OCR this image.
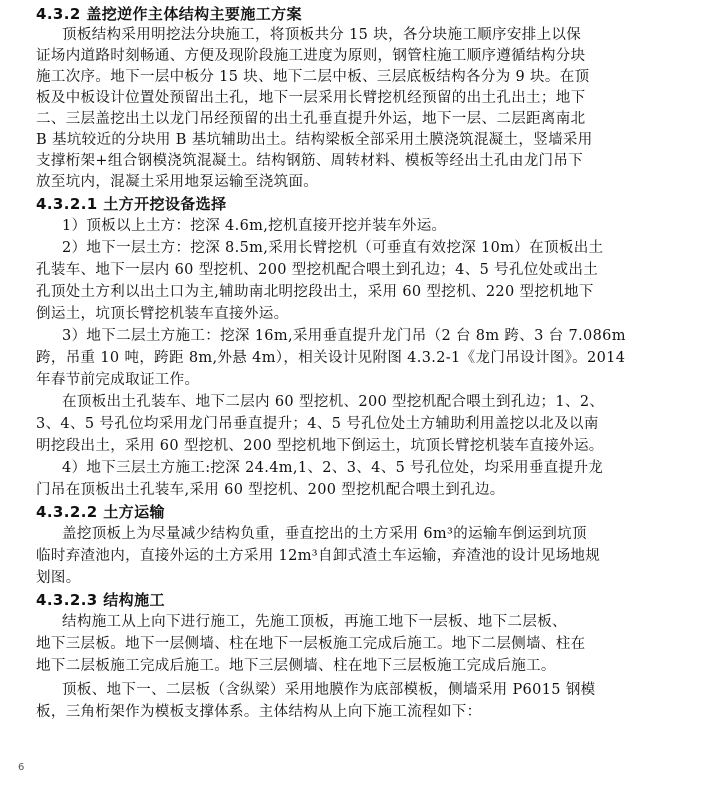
4.3.2 盖挖逆作主体结构主要施工方案
顶板结构采用明挖法分块施工，将顶板共分 15 块，各分块施工顺序安排上以保
证场内道路时刻畅通、方便及现阶段施工进度为原则，钢管柱施工顺序遵循结构分块
施工次序。地下一层中板分 15 块、地下二层中板、三层底板结构各分为 9 块。在顶
板及中板设计位置处预留出土孔，地下一层采用长臂挖机经预留的出土孔出土；地下
二、三层盖挖出土以龙门吊经预留的出土孔垂直提升外运，地下一层、二层距离南北
B 基坑较近的分块用 B 基坑辅助出土。结构梁板全部采用土膜浇筑混凝土，竖墙采用
支撑桁架+组合钢模浇筑混凝土。结构钢筋、周转材料、模板等经出土孔由龙门吊下
放至坑内，混凝土采用地泵运输至浇筑面。
4.3.2.1 土方开挖设备选择
1）顶板以上土方：挖深 4.6m,挖机直接开挖并装车外运。
2）地下一层土方：挖深 8.5m,采用长臂挖机（可垂直有效挖深 10m）在顶板出土
孔装车、地下一层内 60 型挖机、200 型挖机配合喂土到孔边；4、5 号孔位处或出土
孔顶处土方利以出土口为主,辅助南北明挖段出土，采用 60 型挖机、220 型挖机地下
倒运土，坑顶长臂挖机装车直接外运。
3）地下二层土方施工：挖深 16m,采用垂直提升龙门吊（2 台 8m 跨、3 台 7.086m
跨，吊重 10 吨，跨距 8m,外悬 4m），相关设计见附图 4.3.2-1《龙门吊设计图》。2014
年春节前完成取证工作。
在顶板出土孔装车、地下二层内 60 型挖机、200 型挖机配合喂土到孔边；1、2、
3、4、5 号孔位均采用龙门吊垂直提升；4、5 号孔位处土方辅助利用盖挖以北及以南
明挖段出土，采用 60 型挖机、200 型挖机地下倒运土，坑顶长臂挖机装车直接外运。
4）地下三层土方施工:挖深 24.4m,1、2、3、4、5 号孔位处，均采用垂直提升龙
门吊在顶板出土孔装车,采用 60 型挖机、200 型挖机配合喂土到孔边。
4.3.2.2 土方运输
盖挖顶板上为尽量减少结构负重，垂直挖出的土方采用 6m³的运输车倒运到坑顶
临时弃渣池内，直接外运的土方采用 12m³自卸式渣土车运输，弃渣池的设计见场地规
划图。
4.3.2.3 结构施工
结构施工从上向下进行施工，先施工顶板，再施工地下一层板、地下二层板、
地下三层板。地下一层侧墙、柱在地下一层板施工完成后施工。地下二层侧墙、柱在
地下二层板施工完成后施工。地下三层侧墙、柱在地下三层板施工完成后施工。
顶板、地下一、二层板（含纵梁）采用地膜作为底部模板，侧墙采用 P6015 钢模
板，三角桁架作为模板支撑体系。主体结构从上向下施工流程如下：
6
